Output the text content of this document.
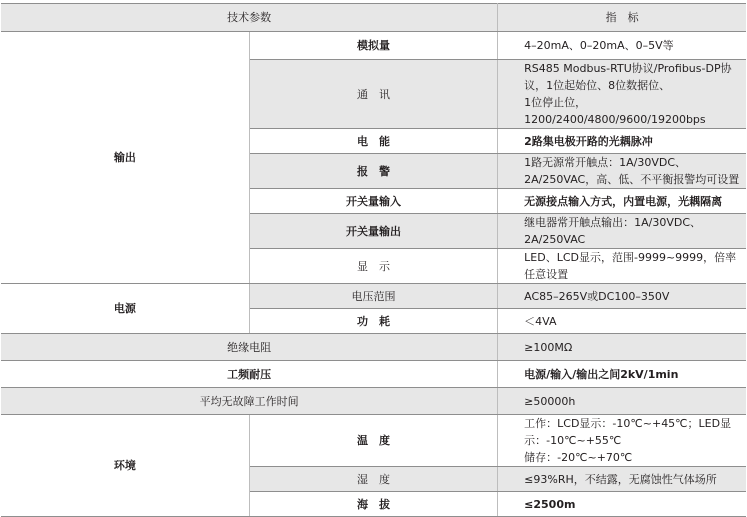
技术参数		指　标
输出	模拟量	4–20mA、0–20mA、0–5V等
	通　讯	RS485 Modbus-RTU协议/Profibus-DP协议，1位起始位、8位数据位、
1位停止位，1200/2400/4800/9600/19200bps

	电　能	2路集电极开路的光耦脉冲
	报　警	1路无源常开触点：1A/30VDC、2A/250VAC，高、低、不平衡报警均可设置
	开关量输入	无源接点输入方式，内置电源，光耦隔离
	开关量输出	继电器常开触点输出：1A/30VDC、2A/250VAC
	显　示	LED、LCD显示，范围-9999~9999，倍率任意设置
电源	电压范围	AC85–265V或DC100–350V
	功　耗	＜4VA
绝缘电阻		≥100MΩ
工频耐压		电源/输入/输出之间2kV/1min
平均无故障工作时间		≥50000h
环境	温　度	工作：LCD显示：-10℃~+45℃；LED显示：-10℃~+55℃
储存：-20℃~+70℃

	湿　度	≤93%RH，不结露，无腐蚀性气体场所
	海　拔	≤2500m
